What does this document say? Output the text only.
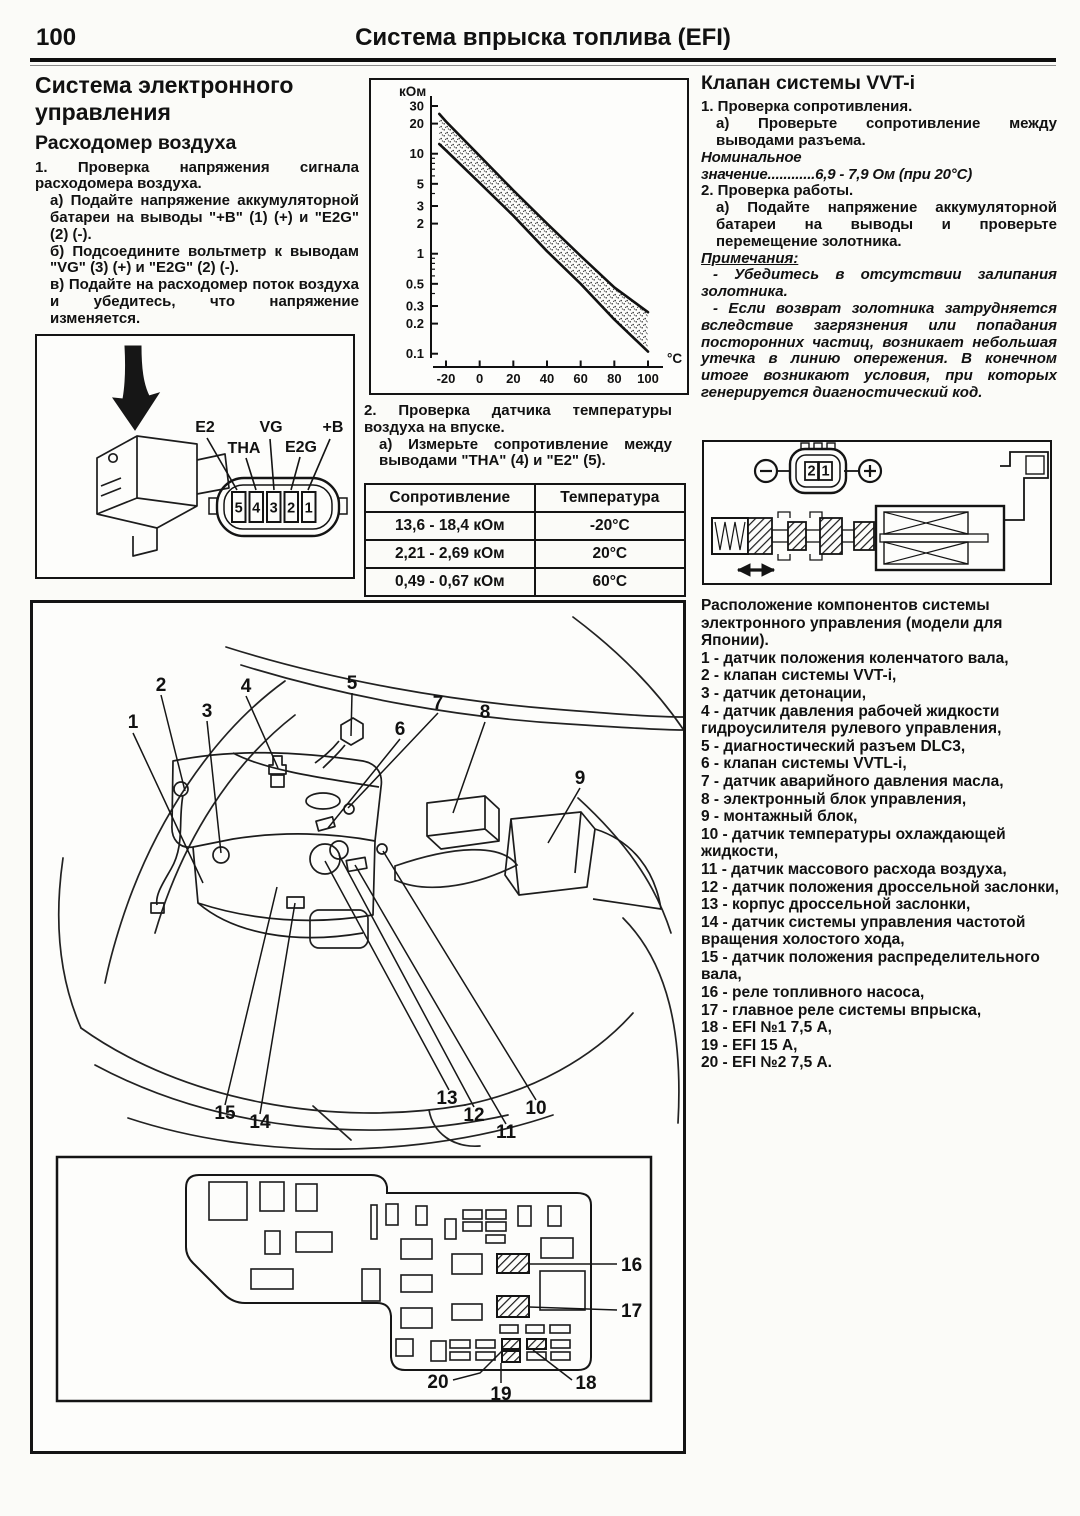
100	Система впрыска топлива (EFI)
Система электронного управления
Расходомер воздуха

1. Проверка напряжения сигнала расходомера воздуха.

а) Подайте напряжение аккумуляторной батареи на выводы "+B" (1) (+) и "E2G" (2) (-).

б) Подсоедините вольтметр к выводам "VG" (3) (+) и "E2G" (2) (-).

в) Подайте на расходомер поток воздуха и убедитесь, что напряжение изменяется.

5 4 3 2 1
E2
THA
VG
E2G
+B
30
20
10
5
3
2
1
0.5
0.3
0.2
0.1
-20 0 20 40 60 80 100
кОм
°C

2. Проверка датчика температуры воздуха на впуске.

а) Измерьте сопротивление между выводами "THA" (4) и "E2" (5).

Сопротивление	Температура
13,6 - 18,4 кОм	-20°C
2,21 - 2,69 кОм	20°C
0,49 - 0,67 кОм	60°C
Клапан системы VVT-i

1. Проверка сопротивления.

а) Проверьте сопротивление между выводами разъема.

Номинальное

значение............6,9 - 7,9 Ом (при 20°C)

2. Проверка работы.

а) Подайте напряжение аккумуляторной батареи на выводы и проверьте перемещение золотника.

Примечания:

- Убедитесь в отсутствии залипания золотника.

- Если возврат золотника затрудняется вследствие загрязнения или попадания посторонних частиц, возникает небольшая утечка в линию опережения. В конечном итоге возникают условия, при которых генерируется диагностический код.

2 1
1
2
3
4	5
6
7 8
9
10
11
12
13
14
15
16
17
18
19
20
Расположение компонентов системы электронного управления (модели для Японии).
1 - датчик положения коленчатого вала,
2 - клапан системы VVT-i,
3 - датчик детонации,
4 - датчик давления рабочей жидкости гидроусилителя рулевого управления,
5 - диагностический разъем DLC3,
6 - клапан системы VVTL-i,
7 - датчик аварийного давления масла,
8 - электронный блок управления,
9 - монтажный блок,
10 - датчик температуры охлаждающей жидкости,
11 - датчик массового расхода воздуха,
12 - датчик положения дроссельной заслонки,
13 - корпус дроссельной заслонки,
14 - датчик системы управления частотой вращения холостого хода,
15 - датчик положения распределительного вала,
16 - реле топливного насоса,
17 - главное реле системы впрыска,
18 - EFI №1 7,5 А,
19 - EFI 15 А,
20 - EFI №2 7,5 А.
